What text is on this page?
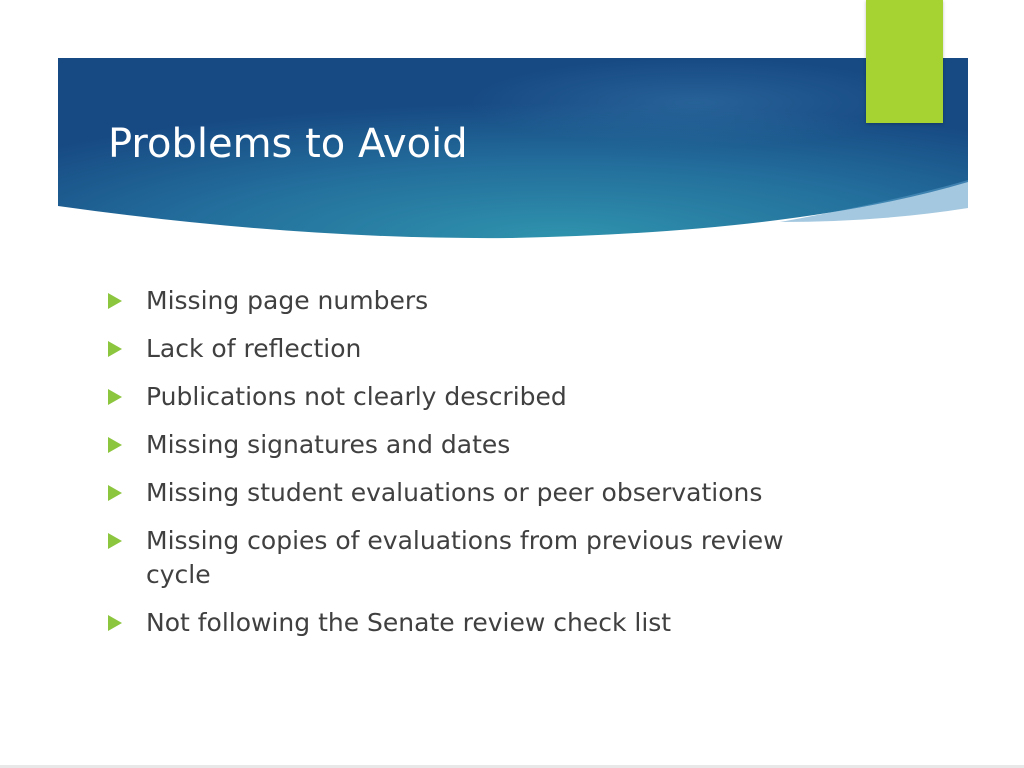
Problems to Avoid
Missing page numbers
Lack of reflection
Publications not clearly described
Missing signatures and dates
Missing student evaluations or peer observations
Missing copies of evaluations from previous review cycle
Not following the Senate review check list
